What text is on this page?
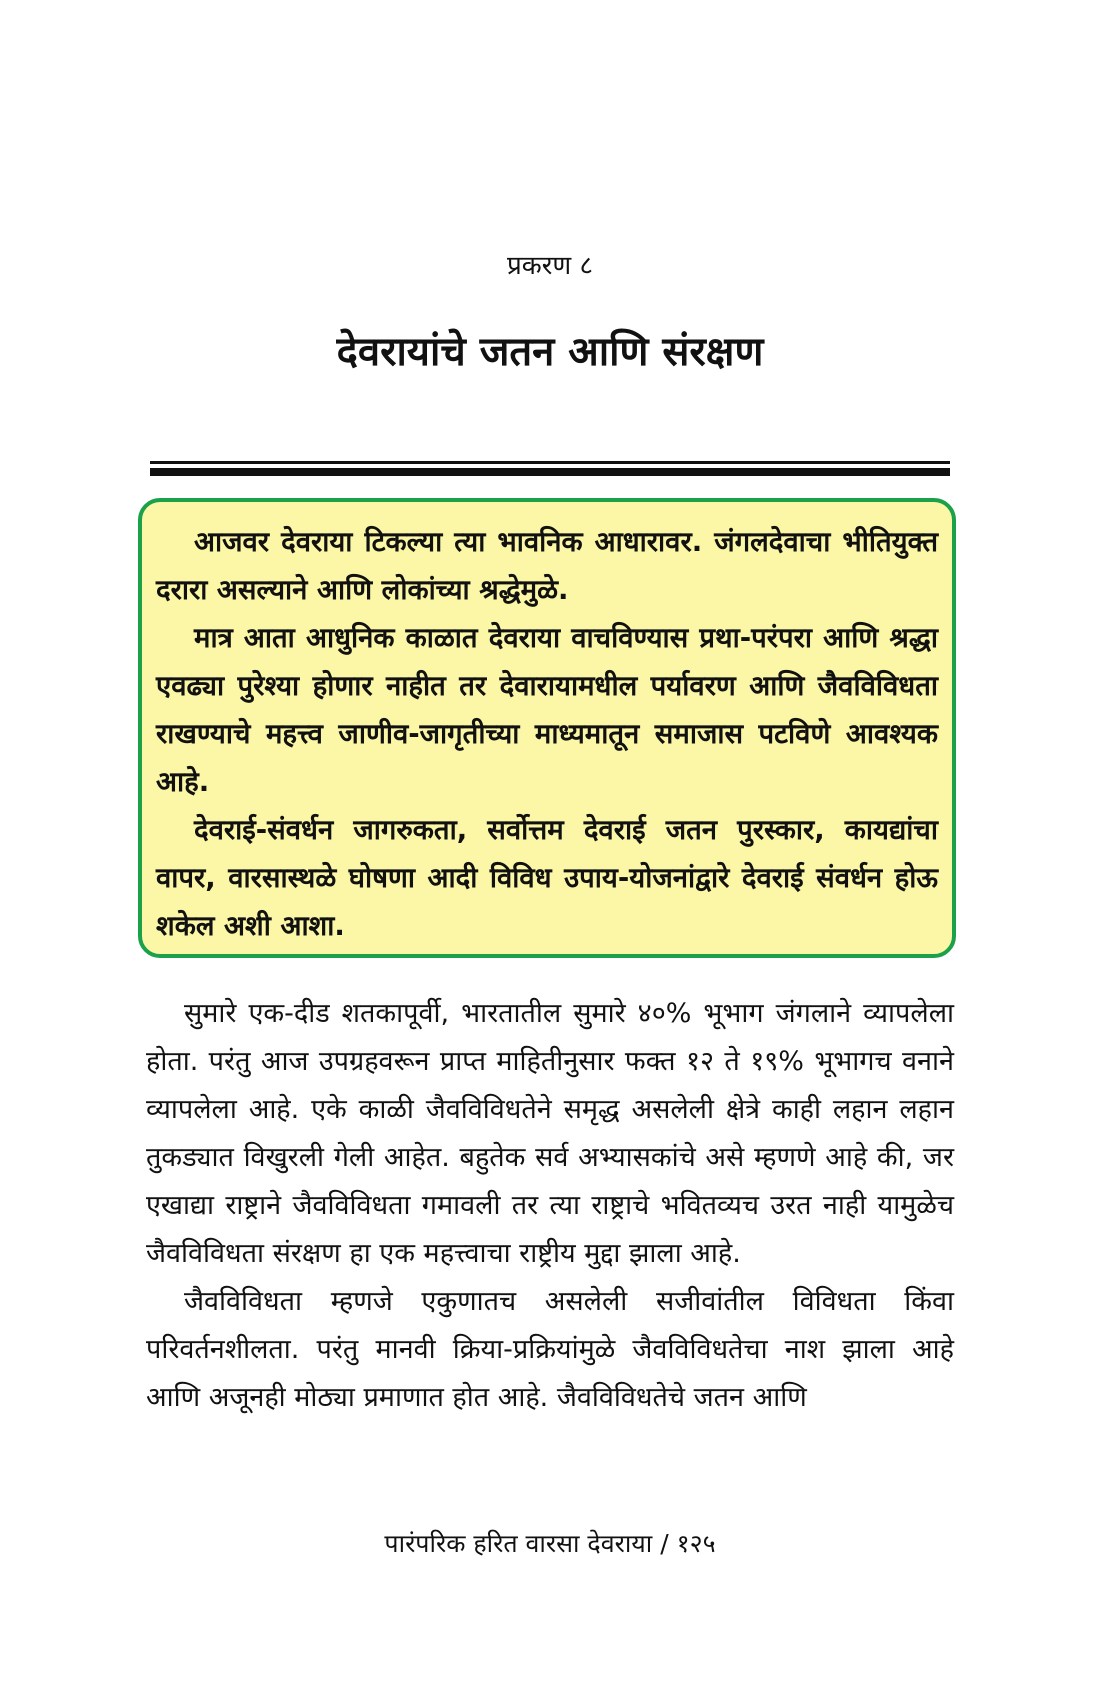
प्रकरण ८
देवरायांचे जतन आणि संरक्षण

आजवर देवराया टिकल्या त्या भावनिक आधारावर. जंगलदेवाचा भीतियुक्त दरारा असल्याने आणि लोकांच्या श्रद्धेमुळे.

मात्र आता आधुनिक काळात देवराया वाचविण्यास प्रथा-परंपरा आणि श्रद्धा एवढ्या पुरेश्या होणार नाहीत तर देवारायामधील पर्यावरण आणि जैवविविधता राखण्याचे महत्त्व जाणीव-जागृतीच्या माध्यमातून समाजास पटविणे आवश्यक आहे.

देवराई-संवर्धन जागरुकता, सर्वोत्तम देवराई जतन पुरस्कार, कायद्यांचा वापर, वारसास्थळे घोषणा आदी विविध उपाय-योजनांद्वारे देवराई संवर्धन होऊ शकेल अशी आशा.

सुमारे एक-दीड शतकापूर्वी, भारतातील सुमारे ४०% भूभाग जंगलाने व्यापलेला होता. परंतु आज उपग्रहवरून प्राप्त माहितीनुसार फक्त १२ ते १९% भूभागच वनाने व्यापलेला आहे. एके काळी जैवविविधतेने समृद्ध असलेली क्षेत्रे काही लहान लहान तुकड्यात विखुरली गेली आहेत. बहुतेक सर्व अभ्यासकांचे असे म्हणणे आहे की, जर एखाद्या राष्ट्राने जैवविविधता गमावली तर त्या राष्ट्राचे भवितव्यच उरत नाही यामुळेच जैवविविधता संरक्षण हा एक महत्त्वाचा राष्ट्रीय मुद्दा झाला आहे.

जैवविविधता म्हणजे एकुणातच असलेली सजीवांतील विविधता किंवा परिवर्तनशीलता. परंतु मानवी क्रिया-प्रक्रियांमुळे जैवविविधतेचा नाश झाला आहे आणि अजूनही मोठ्या प्रमाणात होत आहे. जैवविविधतेचे जतन आणि

पारंपरिक हरित वारसा देवराया / १२५
